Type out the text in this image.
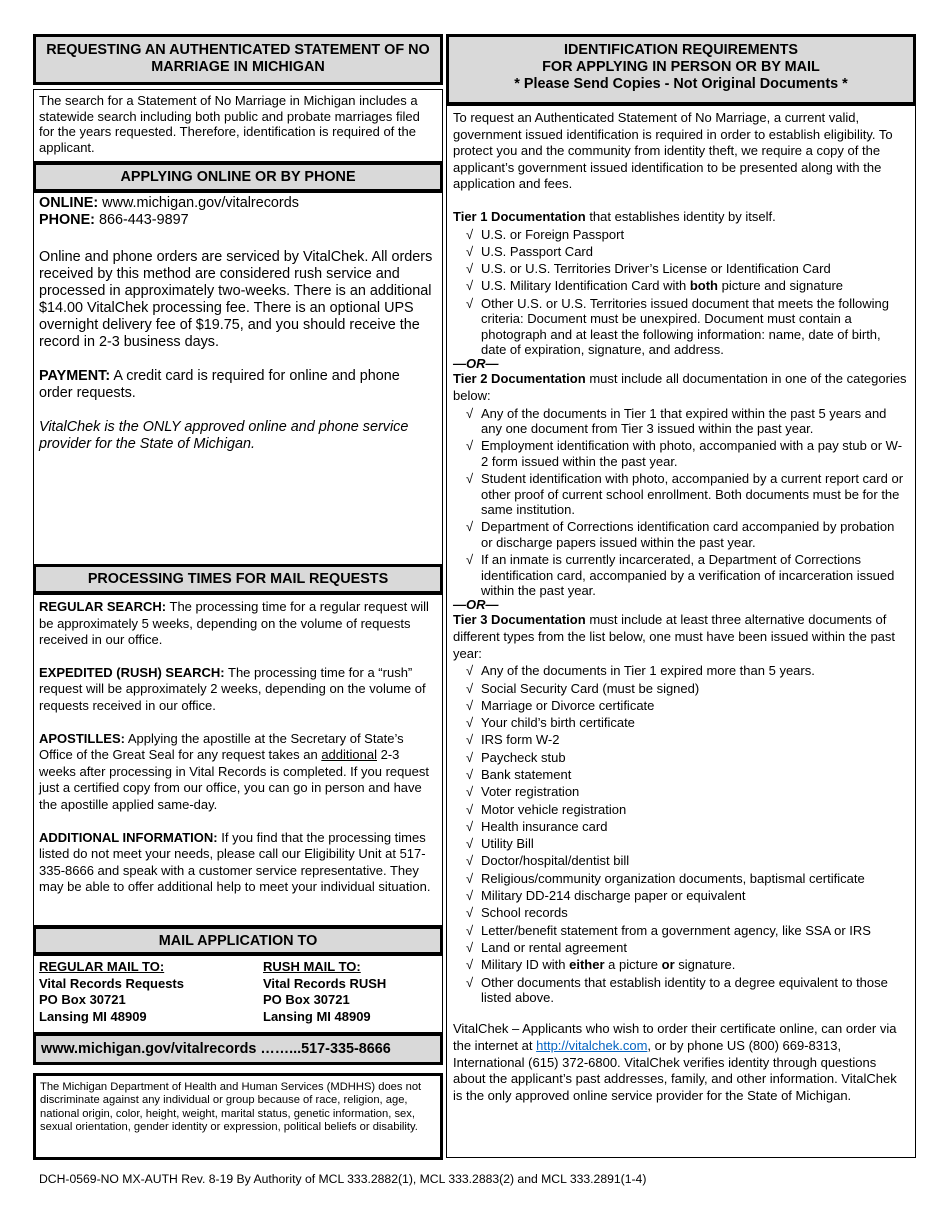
REQUESTING AN AUTHENTICATED STATEMENT OF NO MARRIAGE IN MICHIGAN
The search for a Statement of No Marriage in Michigan includes a statewide search including both public and probate marriages filed for the years requested. Therefore, identification is required of the applicant.
APPLYING ONLINE OR BY PHONE
ONLINE: www.michigan.gov/vitalrecords
PHONE: 866-443-9897
Online and phone orders are serviced by VitalChek. All orders received by this method are considered rush service and processed in approximately two-weeks. There is an additional $14.00 VitalChek processing fee. There is an optional UPS overnight delivery fee of $19.75, and you should receive the record in 2-3 business days.
PAYMENT: A credit card is required for online and phone order requests.
VitalChek is the ONLY approved online and phone service provider for the State of Michigan.
PROCESSING TIMES FOR MAIL REQUESTS
REGULAR SEARCH: The processing time for a regular request will be approximately 5 weeks, depending on the volume of requests received in our office.
EXPEDITED (RUSH) SEARCH: The processing time for a “rush” request will be approximately 2 weeks, depending on the volume of requests received in our office.
APOSTILLES: Applying the apostille at the Secretary of State’s Office of the Great Seal for any request takes an additional 2-3 weeks after processing in Vital Records is completed. If you request just a certified copy from our office, you can go in person and have the apostille applied same-day.
ADDITIONAL INFORMATION: If you find that the processing times listed do not meet your needs, please call our Eligibility Unit at 517-335-8666 and speak with a customer service representative. They may be able to offer additional help to meet your individual situation.
MAIL APPLICATION TO
REGULAR MAIL TO:
Vital Records Requests
PO Box 30721
Lansing MI 48909
RUSH MAIL TO:
Vital Records RUSH
PO Box 30721
Lansing MI 48909
www.michigan.gov/vitalrecords ……...517-335-8666
The Michigan Department of Health and Human Services (MDHHS) does not discriminate against any individual or group because of race, religion, age, national origin, color, height, weight, marital status, genetic information, sex, sexual orientation, gender identity or expression, political beliefs or disability.
IDENTIFICATION REQUIREMENTS
FOR APPLYING IN PERSON OR BY MAIL
* Please Send Copies - Not Original Documents *
To request an Authenticated Statement of No Marriage, a current valid, government issued identification is required in order to establish eligibility. To protect you and the community from identity theft, we require a copy of the applicant’s government issued identification to be presented along with the application and fees.
Tier 1 Documentation that establishes identity by itself.
√ U.S. or Foreign Passport
√ U.S. Passport Card
√ U.S. or U.S. Territories Driver’s License or Identification Card
√ U.S. Military Identification Card with both picture and signature
√ Other U.S. or U.S. Territories issued document that meets the following criteria: Document must be unexpired. Document must contain a photograph and at least the following information: name, date of birth, date of expiration, signature, and address.
—OR—
Tier 2 Documentation must include all documentation in one of the categories below:
√ Any of the documents in Tier 1 that expired within the past 5 years and any one document from Tier 3 issued within the past year.
√ Employment identification with photo, accompanied with a pay stub or W-2 form issued within the past year.
√ Student identification with photo, accompanied by a current report card or other proof of current school enrollment. Both documents must be for the same institution.
√ Department of Corrections identification card accompanied by probation or discharge papers issued within the past year.
√ If an inmate is currently incarcerated, a Department of Corrections identification card, accompanied by a verification of incarceration issued within the past year.
—OR—
Tier 3 Documentation must include at least three alternative documents of different types from the list below, one must have been issued within the past year:
√ Any of the documents in Tier 1 expired more than 5 years.
√ Social Security Card (must be signed)
√ Marriage or Divorce certificate
√ Your child’s birth certificate
√ IRS form W-2
√ Paycheck stub
√ Bank statement
√ Voter registration
√ Motor vehicle registration
√ Health insurance card
√ Utility Bill
√ Doctor/hospital/dentist bill
√ Religious/community organization documents, baptismal certificate
√ Military DD-214 discharge paper or equivalent
√ School records
√ Letter/benefit statement from a government agency, like SSA or IRS
√ Land or rental agreement
√ Military ID with either a picture or signature.
√ Other documents that establish identity to a degree equivalent to those listed above.
VitalChek – Applicants who wish to order their certificate online, can order via the internet at http://vitalchek.com, or by phone US (800) 669-8313, International (615) 372-6800. VitalChek verifies identity through questions about the applicant’s past addresses, family, and other information. VitalChek is the only approved online service provider for the State of Michigan.
DCH-0569-NO MX-AUTH Rev. 8-19 By Authority of MCL 333.2882(1), MCL 333.2883(2) and MCL 333.2891(1-4)
